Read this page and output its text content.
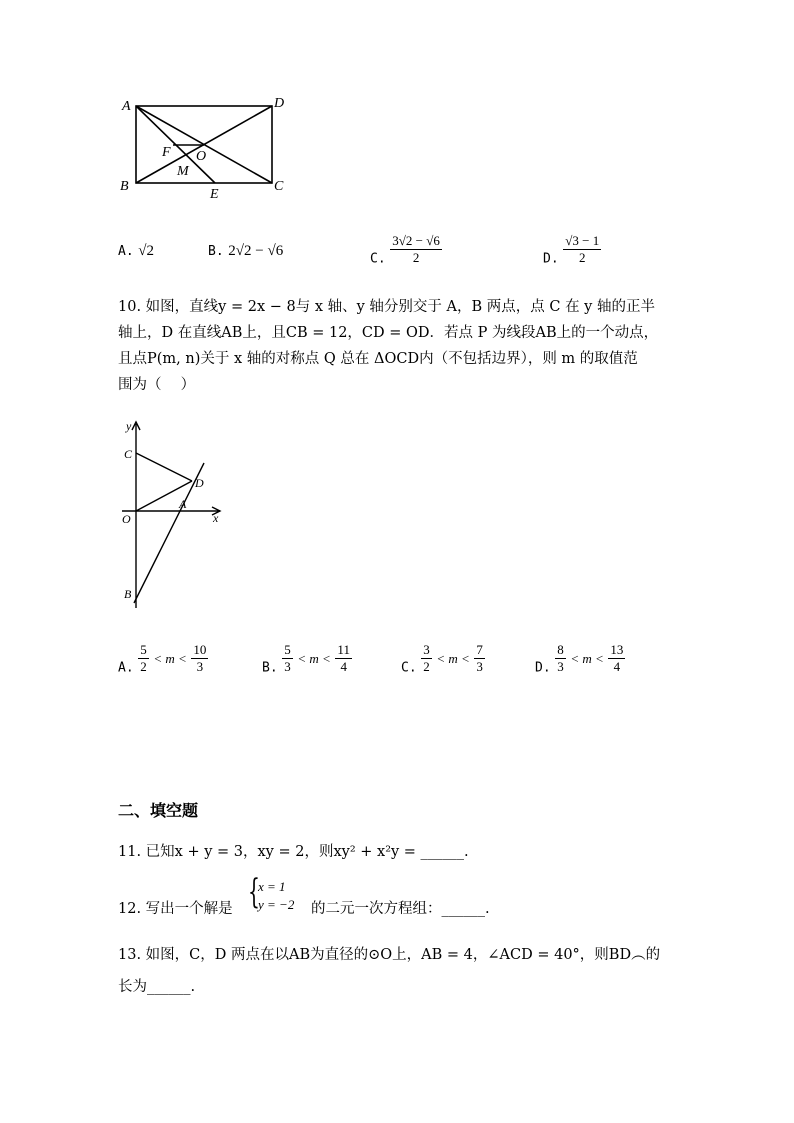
A	D
B	C
E
F O
M
A. √2	B. 2√2 − √6
C. $\frac{3√2 - √6}{2}$	D. $\frac{√3 - 1}{2}$
10. 如图，直线y = 2x − 8与 x 轴、y 轴分别交于 A，B 两点，点 C 在 y 轴的正半
轴上，D 在直线AB上，且CB = 12，CD = OD．若点 P 为线段AB上的一个动点，
且点P(m, n)关于 x 轴的对称点 Q 总在 ΔOCD内（不包括边界），则 m 的取值范
围为（　 ）
y
x
C
D
O
A
B
A. $\frac{5}{2} < m < \frac{10}{3}$	B. $\frac{5}{3} < m < \frac{11}{4}$	C. $\frac{3}{2} < m < \frac{7}{3}$	D. $\frac{8}{3} < m < \frac{13}{4}$
二、填空题
11. 已知x + y = 3，xy = 2，则xy² + x²y = ______.
12. 写出一个解是 {
x = 1
y = −2 的二元一次方程组：______.
13. 如图，C，D 两点在以AB为直径的⊙O上，AB = 4，∠ACD = 40°，则BD︵的
长为______.
